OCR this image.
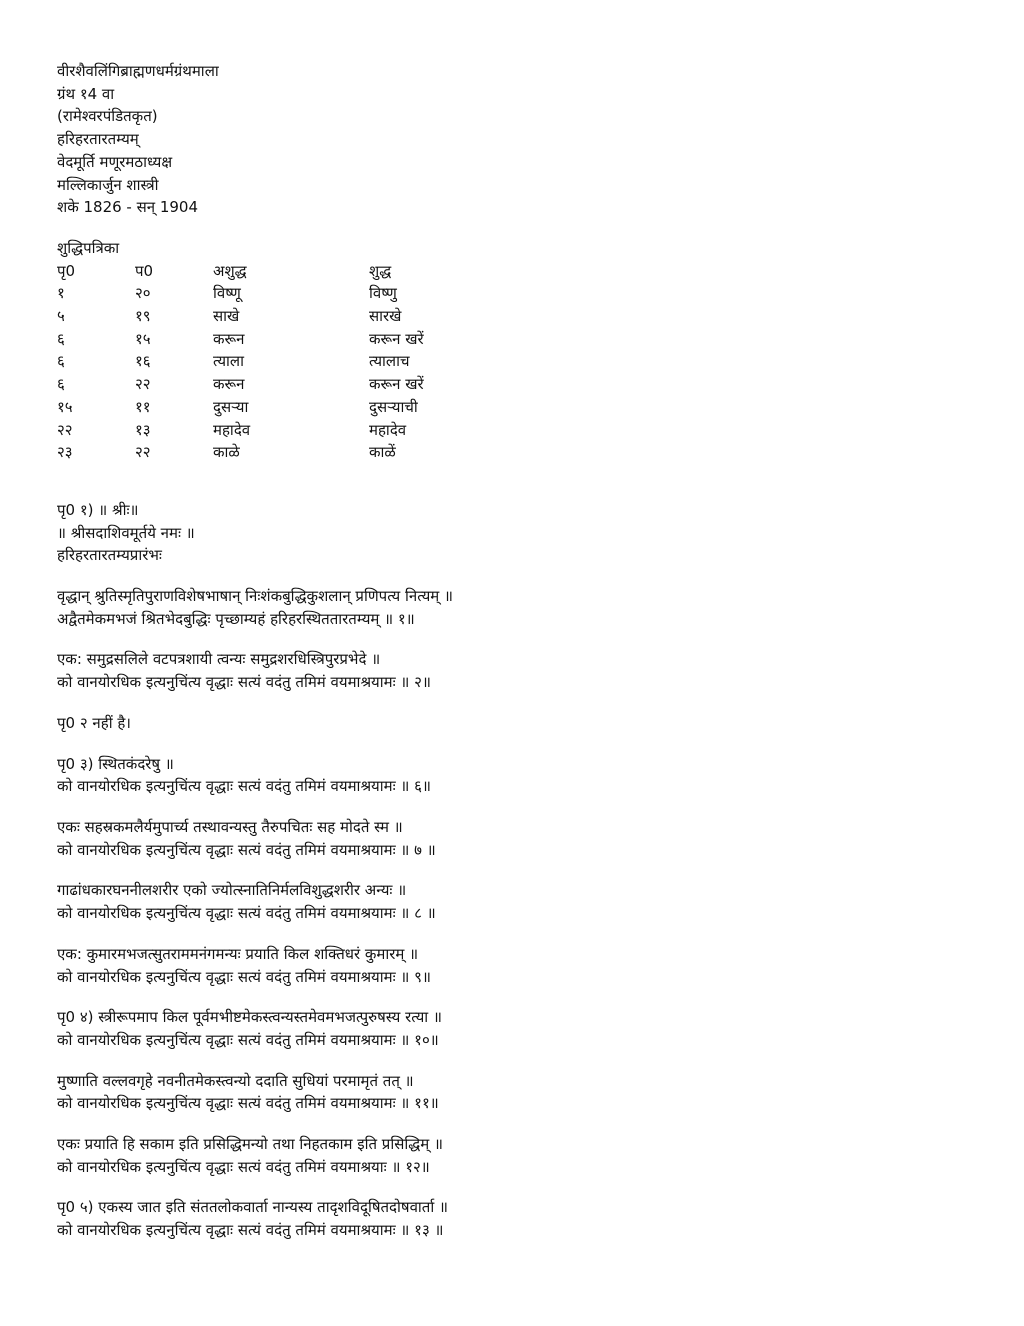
वीरशैवलिंगिब्राह्मणधर्मग्रंथमाला

ग्रंथ १4 वा

(रामेश्वरपंडितकृत)

हरिहरतारतम्यम्

वेदमूर्ति मणूरमठाध्यक्ष

मल्लिकार्जुन शास्त्री

शके 1826 - सन् 1904

शुद्धिपत्रिका

पृ0	प0	अशुद्ध	शुद्ध
१	२०	विष्णू	विष्णु
५	१९	साखे	सारखे
६	१५	करून	करून खरें
६	१६	त्याला	त्यालाच
६	२२	करून	करून खरें
१५	११	दुसऱ्या	दुसऱ्याची
२२	१३	महादेव	महादेव
२३	२२	काळे	काळें

पृ0 १) ॥ श्रीः॥

॥ श्रीसदाशिवमूर्तये नमः ॥

हरिहरतारतम्यप्रारंभः

वृद्धान् श्रुतिस्मृतिपुराणविशेषभाषान् निःशंकबुद्धिकुशलान् प्रणिपत्य नित्यम् ॥

अद्वैतमेकमभजं श्रितभेदबुद्धिः पृच्छाम्यहं हरिहरस्थिततारतम्यम् ॥ १॥

एक: समुद्रसलिले वटपत्रशायी त्वन्यः समुद्रशरधिस्त्रिपुरप्रभेदे ॥

को वानयोरधिक इत्यनुचिंत्य वृद्धाः सत्यं वदंतु तमिमं वयमाश्रयामः ॥ २॥

पृ0 २ नहीं है।

पृ0 ३) स्थितकंदरेषु ॥

को वानयोरधिक इत्यनुचिंत्य वृद्धाः सत्यं वदंतु तमिमं वयमाश्रयामः ॥ ६॥

एकः सहस्रकमलैर्यमुपार्च्य तस्थावन्यस्तु तैरुपचितः सह मोदते स्म ॥

को वानयोरधिक इत्यनुचिंत्य वृद्धाः सत्यं वदंतु तमिमं वयमाश्रयामः ॥ ७ ॥

गाढांधकारघननीलशरीर एको ज्योत्स्नातिनिर्मलविशुद्धशरीर अन्यः ॥

को वानयोरधिक इत्यनुचिंत्य वृद्धाः सत्यं वदंतु तमिमं वयमाश्रयामः ॥ ८ ॥

एक: कुमारमभजत्सुतराममनंगमन्यः प्रयाति किल शक्तिधरं कुमारम् ॥

को वानयोरधिक इत्यनुचिंत्य वृद्धाः सत्यं वदंतु तमिमं वयमाश्रयामः ॥ ९॥

पृ0 ४) स्त्रीरूपमाप किल पूर्वमभीष्टमेकस्त्वन्यस्तमेवमभजत्पुरुषस्य रत्या ॥

को वानयोरधिक इत्यनुचिंत्य वृद्धाः सत्यं वदंतु तमिमं वयमाश्रयामः ॥ १०॥

मुष्णाति वल्लवगृहे नवनीतमेकस्त्वन्यो ददाति सुधियां परमामृतं तत् ॥

को वानयोरधिक इत्यनुचिंत्य वृद्धाः सत्यं वदंतु तमिमं वयमाश्रयामः ॥ ११॥

एकः प्रयाति हि सकाम इति प्रसिद्धिमन्यो तथा निहतकाम इति प्रसिद्धिम् ॥

को वानयोरधिक इत्यनुचिंत्य वृद्धाः सत्यं वदंतु तमिमं वयमाश्रयाः ॥ १२॥

पृ0 ५) एकस्य जात इति संततलोकवार्ता नान्यस्य तादृशविदूषितदोषवार्ता ॥

को वानयोरधिक इत्यनुचिंत्य वृद्धाः सत्यं वदंतु तमिमं वयमाश्रयामः ॥ १३ ॥
